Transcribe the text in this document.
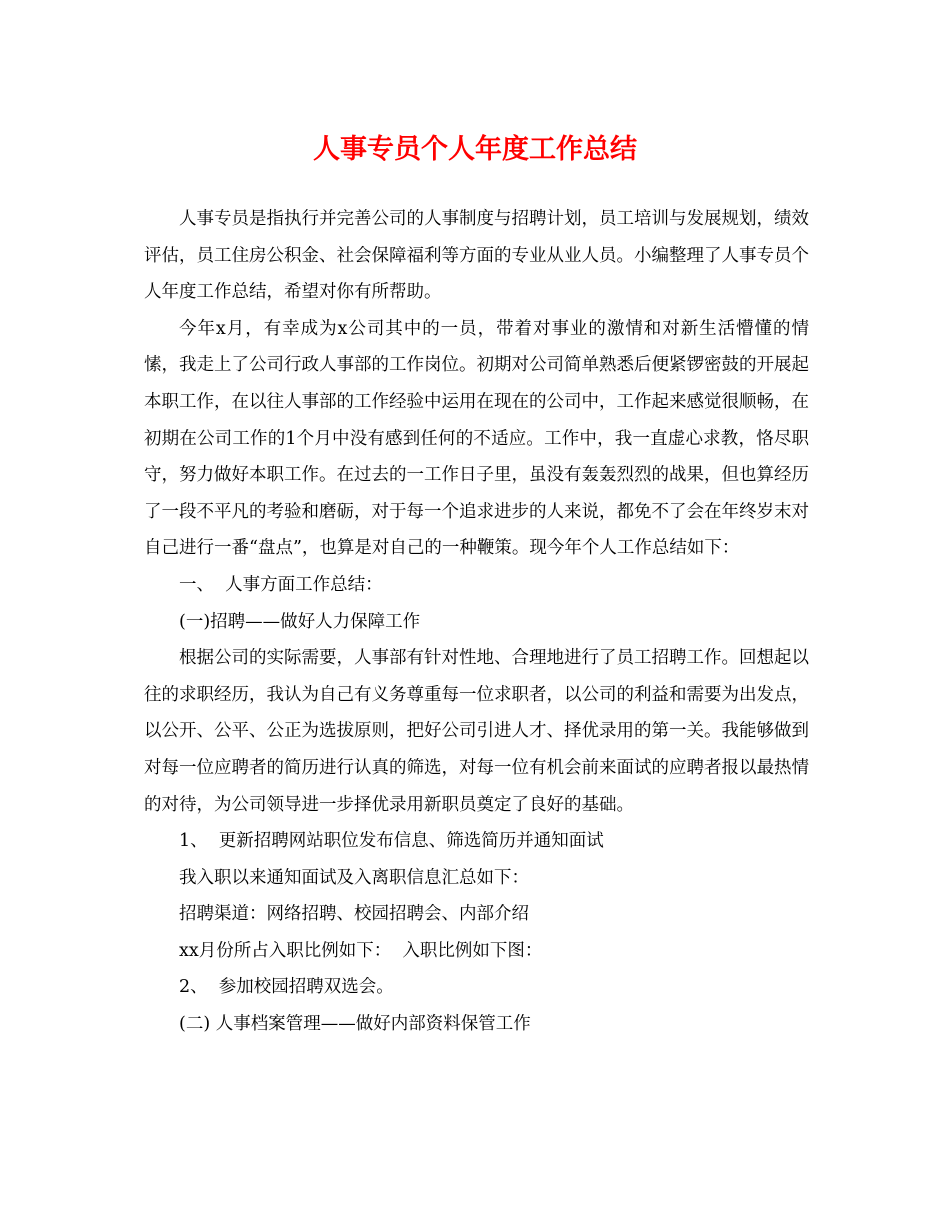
人事专员个人年度工作总结

人事专员是指执行并完善公司的人事制度与招聘计划，员工培训与发展规划，绩效评估，员工住房公积金、社会保障福利等方面的专业从业人员。小编整理了人事专员个人年度工作总结，希望对你有所帮助。

今年x月，有幸成为x公司其中的一员，带着对事业的激情和对新生活懵懂的情愫，我走上了公司行政人事部的工作岗位。初期对公司简单熟悉后便紧锣密鼓的开展起本职工作，在以往人事部的工作经验中运用在现在的公司中，工作起来感觉很顺畅，在初期在公司工作的1个月中没有感到任何的不适应。工作中，我一直虚心求教，恪尽职守，努力做好本职工作。在过去的一工作日子里，虽没有轰轰烈烈的战果，但也算经历了一段不平凡的考验和磨砺，对于每一个追求进步的人来说，都免不了会在年终岁末对自己进行一番“盘点”，也算是对自己的一种鞭策。现今年个人工作总结如下：

一、  人事方面工作总结：

(一)招聘——做好人力保障工作

根据公司的实际需要，人事部有针对性地、合理地进行了员工招聘工作。回想起以往的求职经历，我认为自己有义务尊重每一位求职者，以公司的利益和需要为出发点，以公开、公平、公正为选拔原则，把好公司引进人才、择优录用的第一关。我能够做到对每一位应聘者的简历进行认真的筛选，对每一位有机会前来面试的应聘者报以最热情的对待，为公司领导进一步择优录用新职员奠定了良好的基础。

1、  更新招聘网站职位发布信息、筛选简历并通知面试

我入职以来通知面试及入离职信息汇总如下：

招聘渠道：网络招聘、校园招聘会、内部介绍

xx月份所占入职比例如下：  入职比例如下图：

2、  参加校园招聘双选会。

(二) 人事档案管理——做好内部资料保管工作
